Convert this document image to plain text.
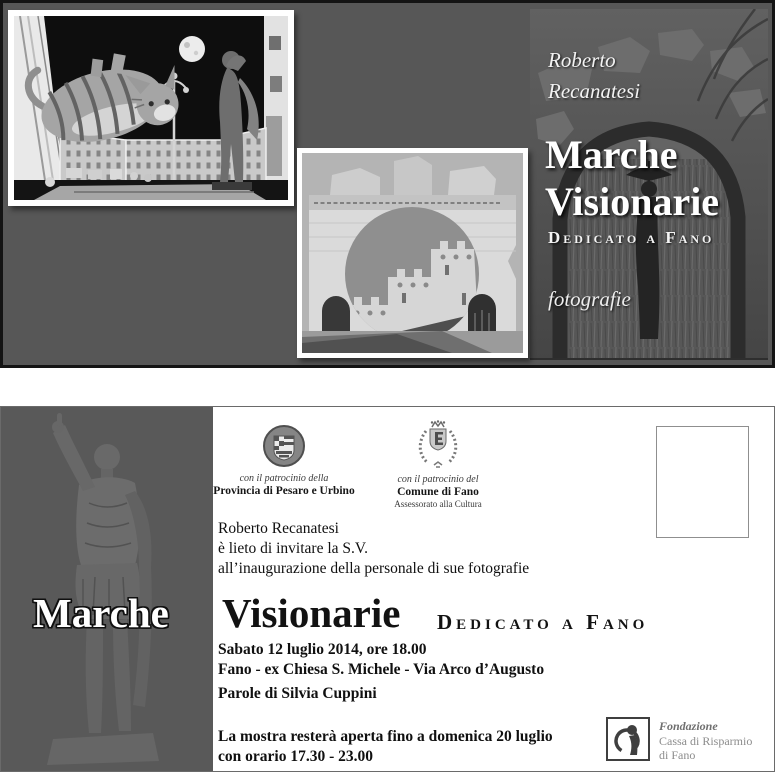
Roberto
Recanatesi
Marche
Visionarie
Dedicato a Fano
fotografie
con il patrocinio della
Provincia di Pesaro e Urbino
con il patrocinio del
Comune di Fano
Assessorato alla Cultura
Roberto Recanatesi
è lieto di invitare la S.V.
all’inaugurazione della personale di sue fotografie
Marche Visionarie Dedicato a Fano
Sabato 12 luglio 2014, ore 18.00
Fano - ex Chiesa S. Michele - Via Arco d’Augusto
Parole di Silvia Cuppini
La mostra resterà aperta fino a domenica 20 luglio
con orario 17.30 - 23.00
Fondazione
Cassa di Risparmio
di Fano
